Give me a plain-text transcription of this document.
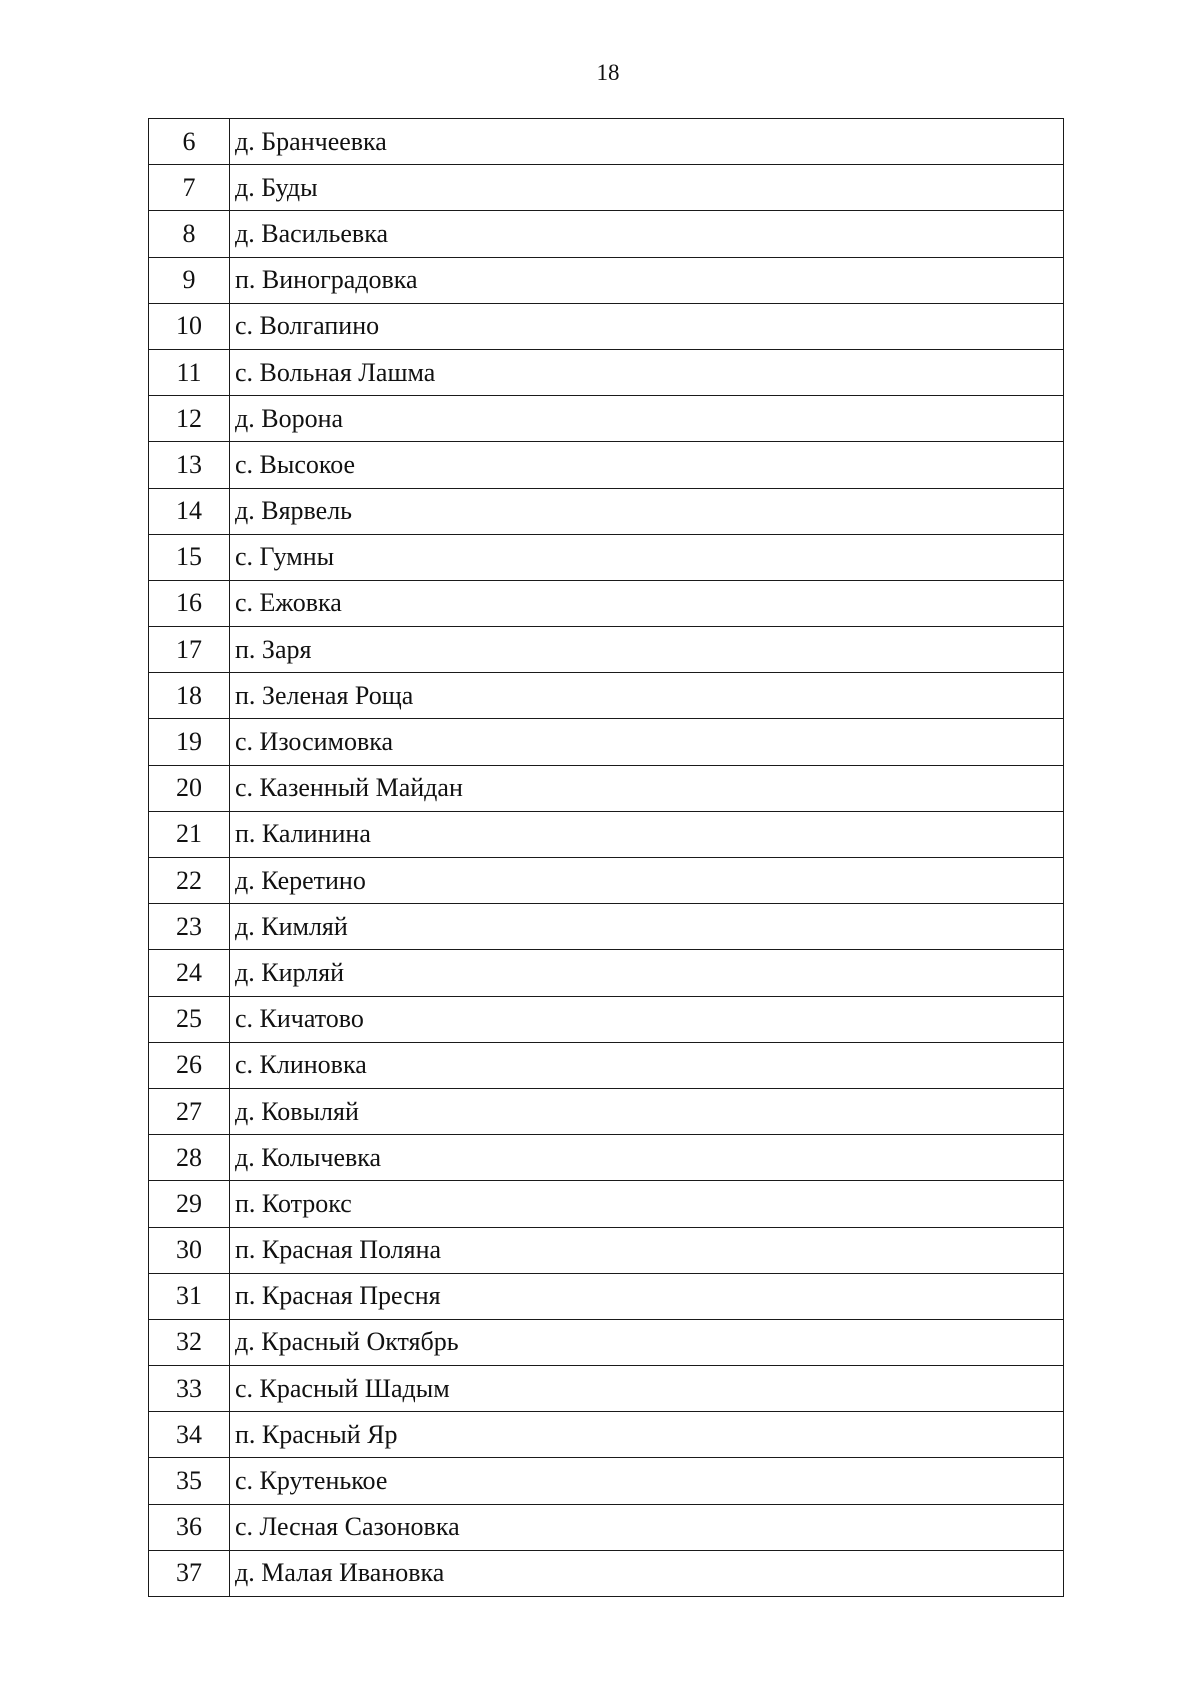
18
6	д. Бранчеевка
7	д. Буды
8	д. Васильевка
9	п. Виноградовка
10	с. Волгапино
11	с. Вольная Лашма
12	д. Ворона
13	с. Высокое
14	д. Вярвель
15	с. Гумны
16	с. Ежовка
17	п. Заря
18	п. Зеленая Роща
19	с. Изосимовка
20	с. Казенный Майдан
21	п. Калинина
22	д. Керетино
23	д. Кимляй
24	д. Кирляй
25	с. Кичатово
26	с. Клиновка
27	д. Ковыляй
28	д. Колычевка
29	п. Котрокс
30	п. Красная Поляна
31	п. Красная Пресня
32	д. Красный Октябрь
33	с. Красный Шадым
34	п. Красный Яр
35	с. Крутенькое
36	с. Лесная Сазоновка
37	д. Малая Ивановка
